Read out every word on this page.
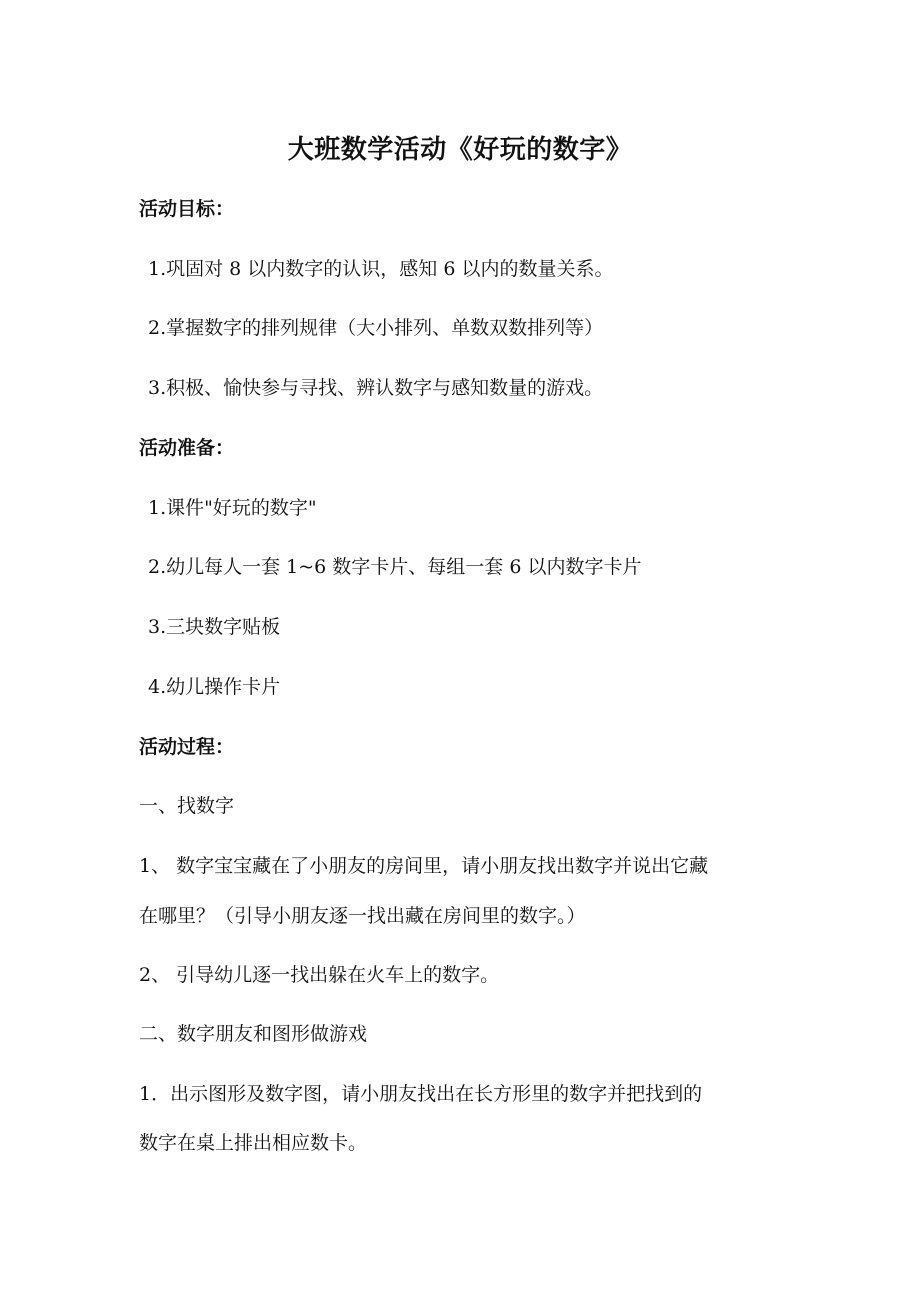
大班数学活动《好玩的数字》
活动目标：
1.巩固对 8 以内数字的认识，感知 6 以内的数量关系。
2.掌握数字的排列规律（大小排列、单数双数排列等）
3.积极、愉快参与寻找、辨认数字与感知数量的游戏。
活动准备：
1.课件"好玩的数字"
2.幼儿每人一套 1~6 数字卡片、每组一套 6 以内数字卡片
3.三块数字贴板
4.幼儿操作卡片
活动过程：
一、找数字
1、 数字宝宝藏在了小朋友的房间里，请小朋友找出数字并说出它藏
在哪里？（引导小朋友逐一找出藏在房间里的数字。）
2、 引导幼儿逐一找出躲在火车上的数字。
二、数字朋友和图形做游戏
1．出示图形及数字图，请小朋友找出在长方形里的数字并把找到的
数字在桌上排出相应数卡。
